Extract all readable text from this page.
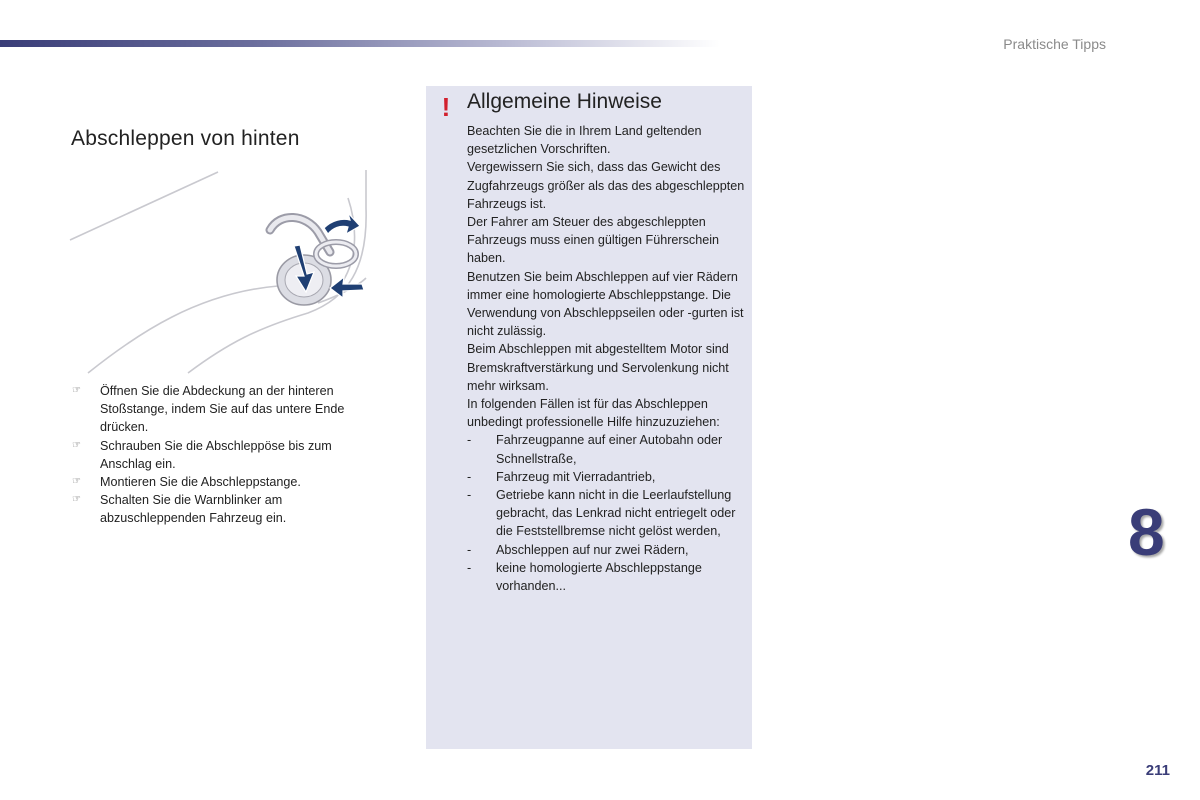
Praktische Tipps
Abschleppen von hinten
☞ Öffnen Sie die Abdeckung an der hinteren Stoßstange, indem Sie auf das untere Ende drücken.
☞ Schrauben Sie die Abschleppöse bis zum Anschlag ein.
☞ Montieren Sie die Abschleppstange.
☞ Schalten Sie die Warnblinker am abzuschleppenden Fahrzeug ein.
! Allgemeine Hinweise

Beachten Sie die in Ihrem Land geltenden gesetzlichen Vorschriften.

Vergewissern Sie sich, dass das Gewicht des Zugfahrzeugs größer als das des abgeschleppten Fahrzeugs ist.

Der Fahrer am Steuer des abgeschleppten Fahrzeugs muss einen gültigen Führerschein haben.

Benutzen Sie beim Abschleppen auf vier Rädern immer eine homologierte Abschleppstange. Die Verwendung von Abschleppseilen oder -gurten ist nicht zulässig.

Beim Abschleppen mit abgestelltem Motor sind Bremskraftverstärkung und Servolenkung nicht mehr wirksam.

In folgenden Fällen ist für das Abschleppen unbedingt professionelle Hilfe hinzuzuziehen:

- Fahrzeugpanne auf einer Autobahn oder Schnellstraße,
- Fahrzeug mit Vierradantrieb,
- Getriebe kann nicht in die Leerlaufstellung gebracht, das Lenkrad nicht entriegelt oder die Feststellbremse nicht gelöst werden,
- Abschleppen auf nur zwei Rädern,
- keine homologierte Abschleppstange vorhanden...
8
211
